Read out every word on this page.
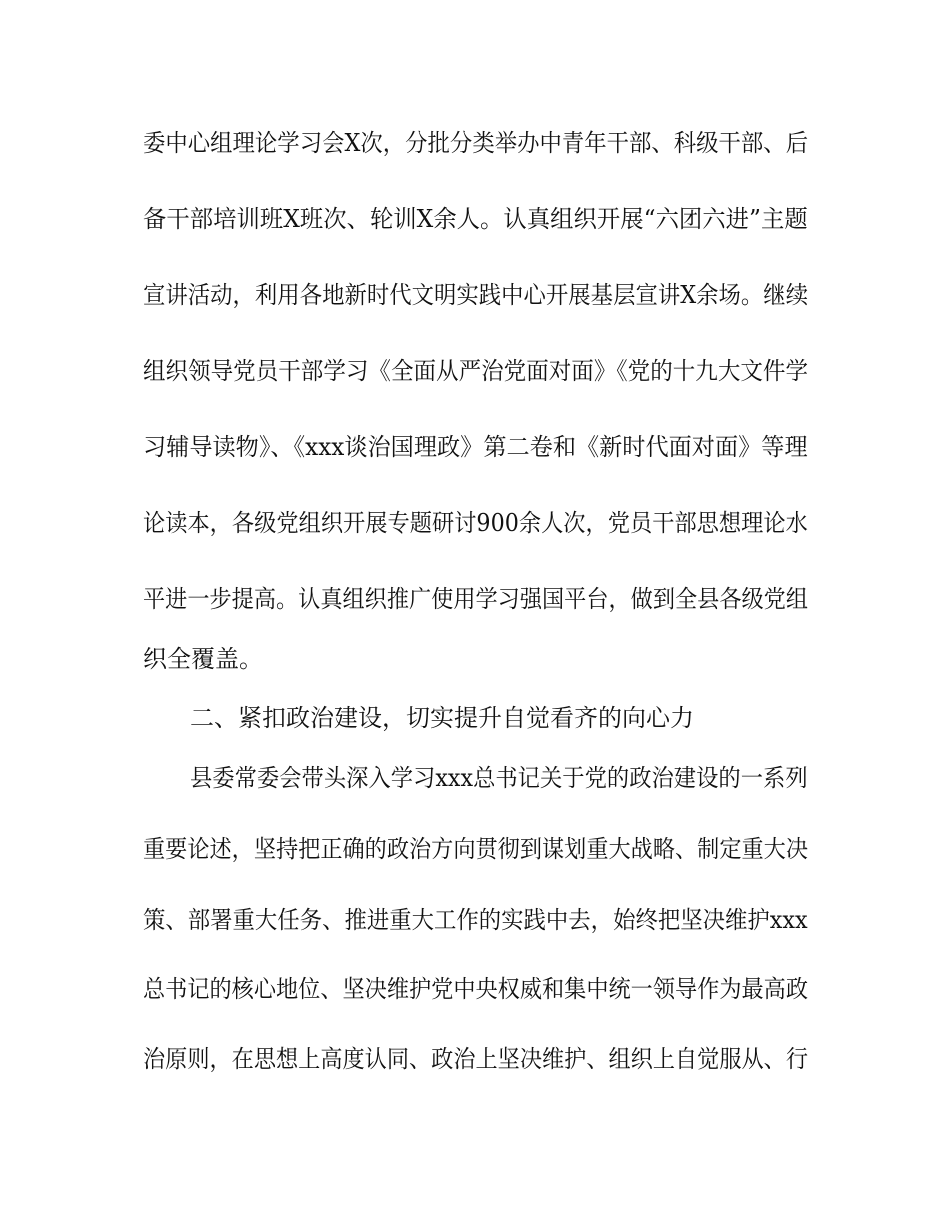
委中心组理论学习会X次，分批分类举办中青年干部、科级干部、后
备干部培训班X班次、轮训X余人。认真组织开展“六团六进”主题
宣讲活动，利用各地新时代文明实践中心开展基层宣讲X余场。继续
组织领导党员干部学习《全面从严治党面对面》《党的十九大文件学
习辅导读物》、《xxx谈治国理政》第二卷和《新时代面对面》等理
论读本，各级党组织开展专题研讨900余人次，党员干部思想理论水
平进一步提高。认真组织推广使用学习强国平台，做到全县各级党组
织全覆盖。
二、紧扣政治建设，切实提升自觉看齐的向心力
县委常委会带头深入学习xxx总书记关于党的政治建设的一系列
重要论述，坚持把正确的政治方向贯彻到谋划重大战略、制定重大决
策、部署重大任务、推进重大工作的实践中去，始终把坚决维护xxx
总书记的核心地位、坚决维护党中央权威和集中统一领导作为最高政
治原则，在思想上高度认同、政治上坚决维护、组织上自觉服从、行
